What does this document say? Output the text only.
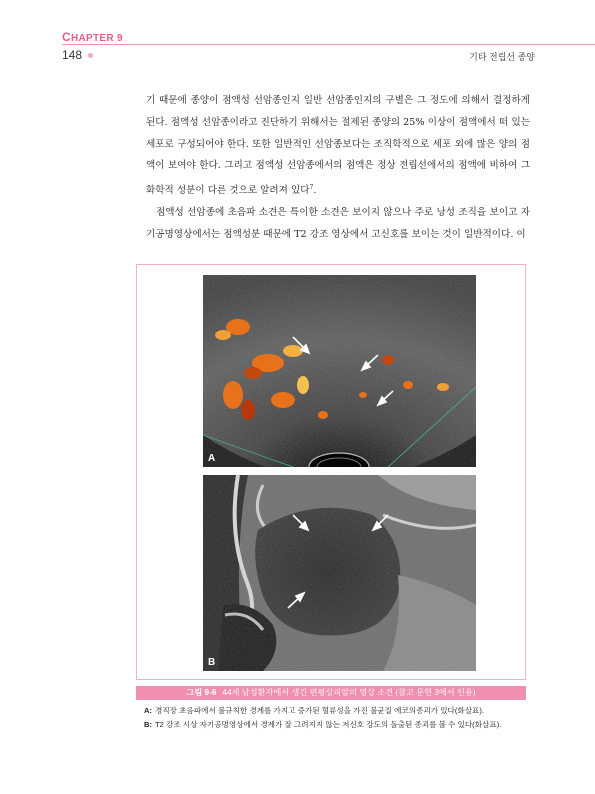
CHAPTER 9
148	기타 전립선 종양

기 때문에 종양이 점액성 선암종인지 일반 선암종인지의 구별은 그 정도에 의해서 결정하게 된다. 점액성 선암종이라고 진단하기 위해서는 절제된 종양의 25% 이상이 점액에서 떠 있는 세포로 구성되어야 한다. 또한 일반적인 선암종보다는 조직학적으로 세포 외에 많은 양의 점액이 보여야 한다. 그리고 점액성 선암종에서의 점액은 정상 전립선에서의 점액에 비하여 그 화학적 성분이 다른 것으로 알려져 있다$^7$.

점액성 선암종에 초음파 소견은 특이한 소견은 보이지 않으나 주로 낭성 조직을 보이고 자기공명영상에서는 점액성분 때문에 T2 강조 영상에서 고신호를 보이는 것이 일반적이다. 이

A
B
그림 9-6 44세 남성환자에서 생긴 편평상피암의 영상 소견 (참고 문헌 3에서 인용)
A: 경직장 초음파에서 불규칙한 경계를 가지고 증가된 혈류성을 가진 불균질 에코의종괴가 있다(화살표).
B: T2 강조 시상 자기공명영상에서 경계가 잘 그려지지 않는 저신호 강도의 돌출된 종괴를 볼 수 있다(화살표).
